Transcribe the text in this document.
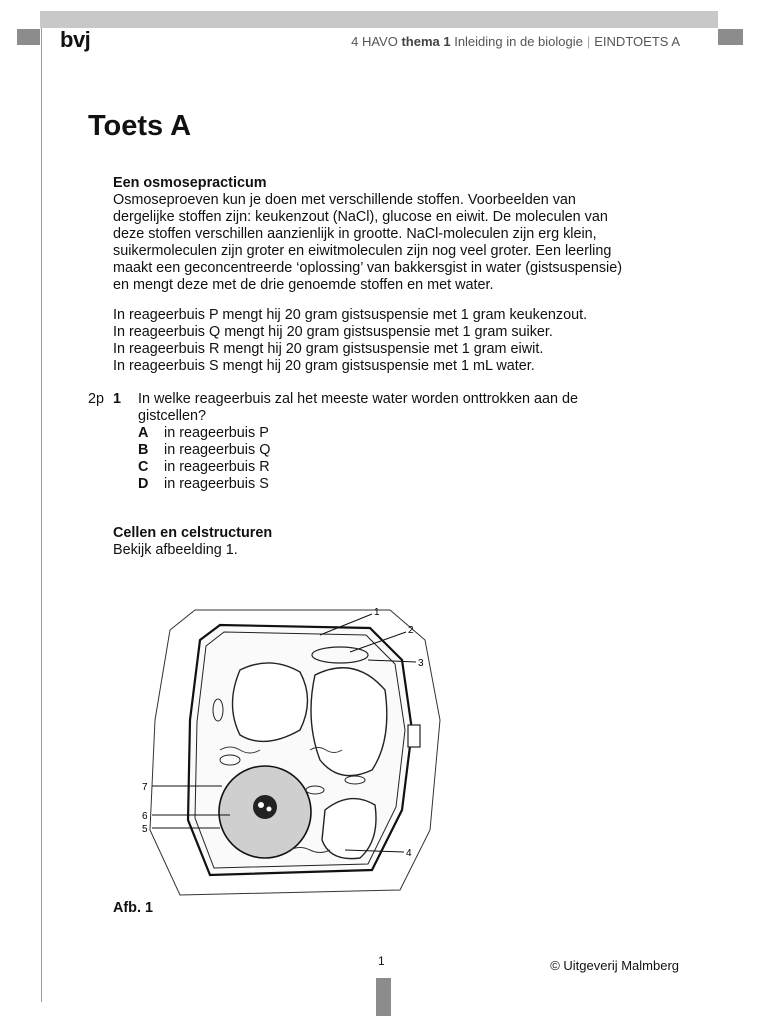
bvj	4 HAVO thema 1 Inleiding in de biologie | EINDTOETS A
Toets A

Een osmosepracticum

Osmoseproeven kun je doen met verschillende stoffen. Voorbeelden van

dergelijke stoffen zijn: keukenzout (NaCl), glucose en eiwit. De moleculen van

deze stoffen verschillen aanzienlijk in grootte. NaCl-moleculen zijn erg klein,

suikermoleculen zijn groter en eiwitmoleculen zijn nog veel groter. Een leerling

maakt een geconcentreerde ‘oplossing’ van bakkersgist in water (gistsuspensie)

en mengt deze met de drie genoemde stoffen en met water.

In reageerbuis P mengt hij 20 gram gistsuspensie met 1 gram keukenzout.

In reageerbuis Q mengt hij 20 gram gistsuspensie met 1 gram suiker.

In reageerbuis R mengt hij 20 gram gistsuspensie met 1 gram eiwit.

In reageerbuis S mengt hij 20 gram gistsuspensie met 1 mL water.

2p 1 In welke reageerbuis zal het meeste water worden onttrokken aan de
gistcellen?
A in reageerbuis P
B in reageerbuis Q
C in reageerbuis R
D in reageerbuis S

Cellen en celstructuren

Bekijk afbeelding 1.

1
2
3
4
5
6
7
Afb. 1
1	© Uitgeverij Malmberg
